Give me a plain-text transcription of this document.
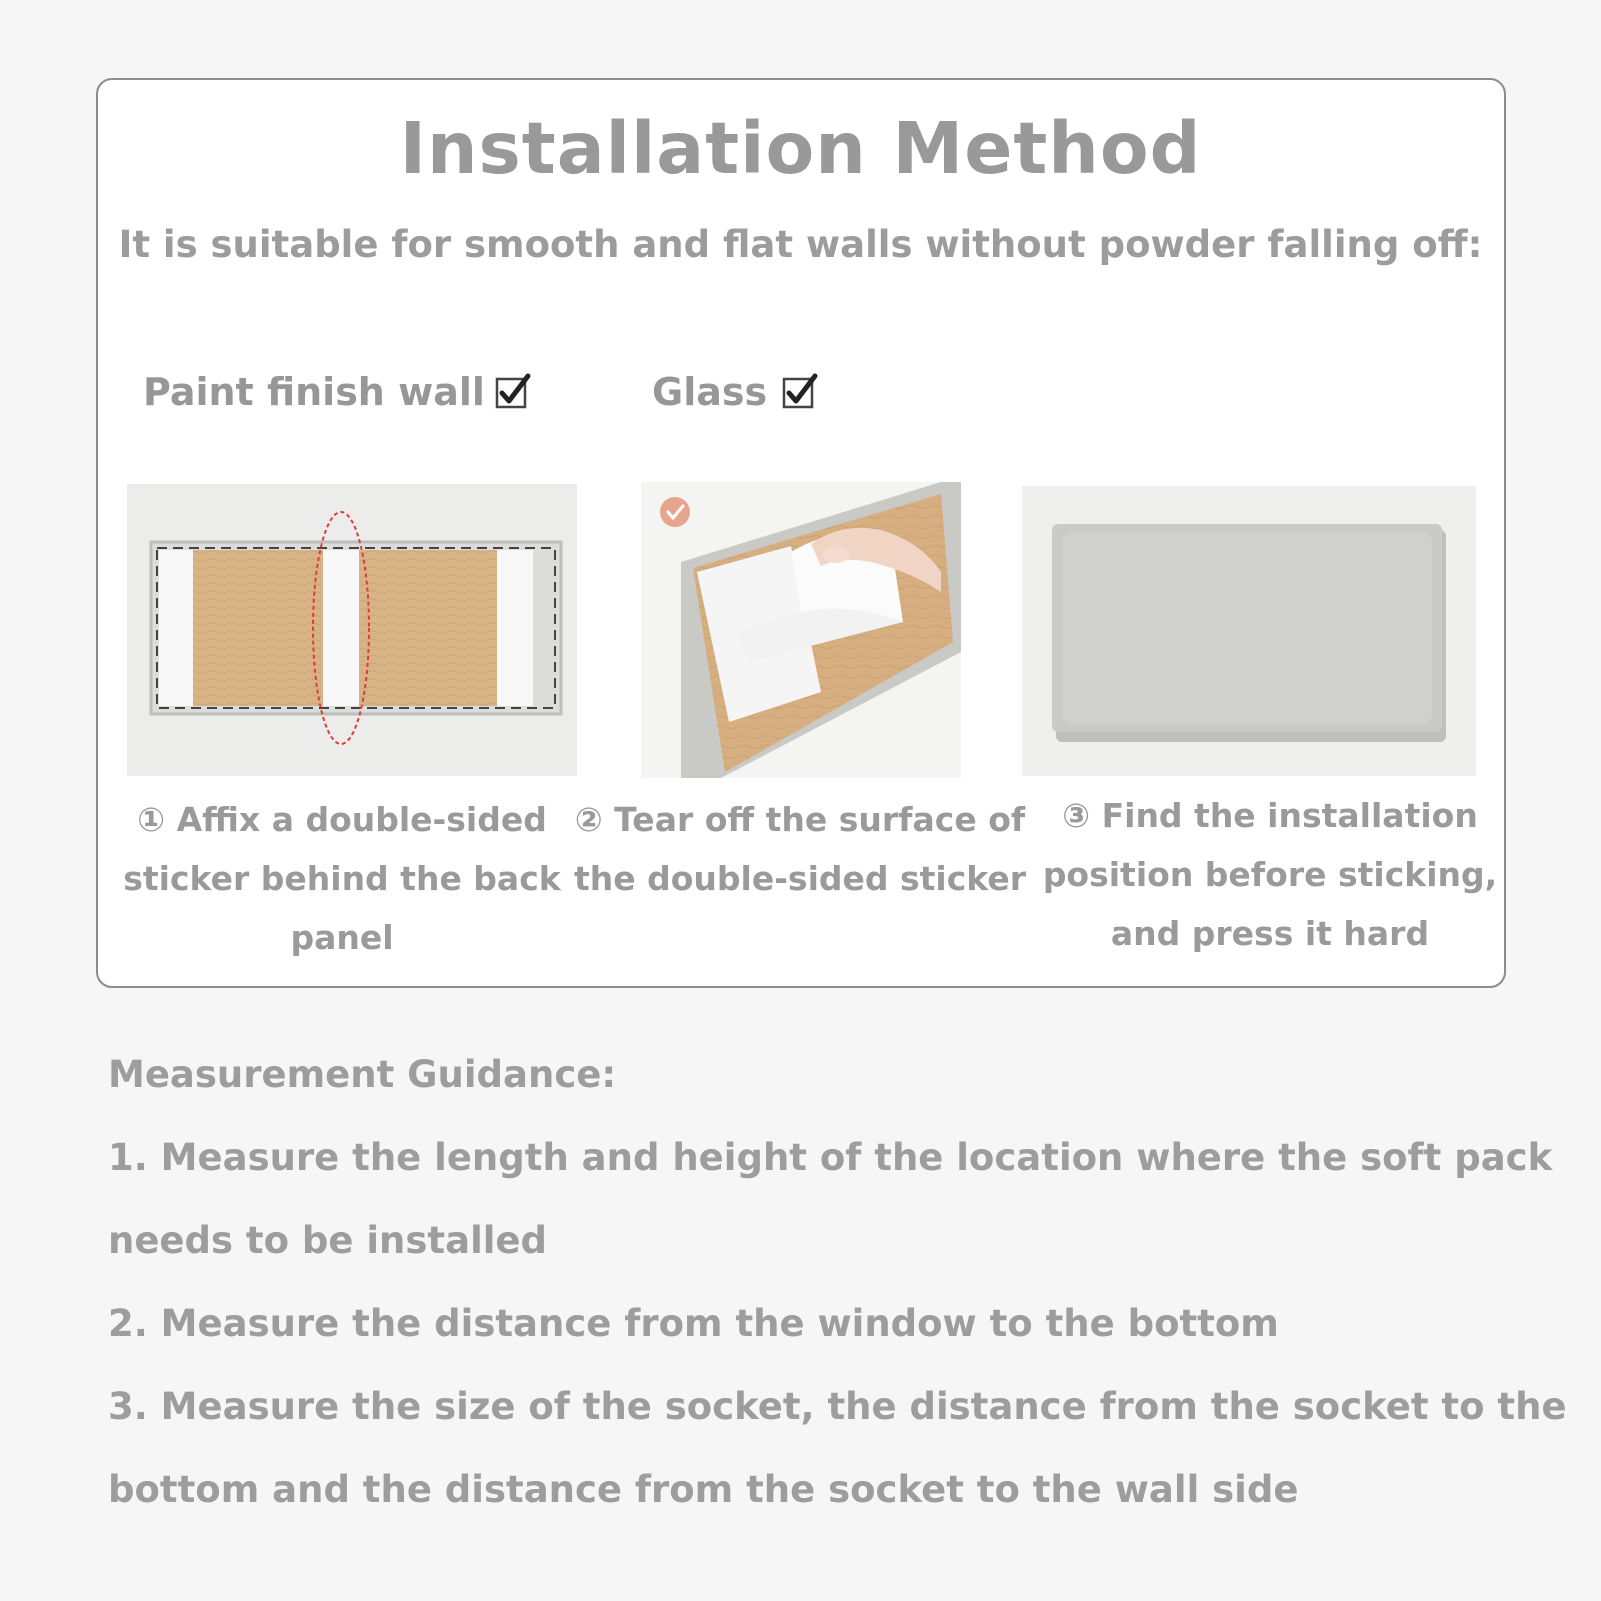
Installation Method
It is suitable for smooth and flat walls without powder falling off:
Paint finish wall	Glass
① Affix a double-sided
sticker behind the back
panel
② Tear off the surface of
the double-sided sticker
③ Find the installation
position before sticking,
and press it hard
Measurement Guidance:
1. Measure the length and height of the location where the soft pack
needs to be installed
2. Measure the distance from the window to the bottom
3. Measure the size of the socket, the distance from the socket to the
bottom and the distance from the socket to the wall side
